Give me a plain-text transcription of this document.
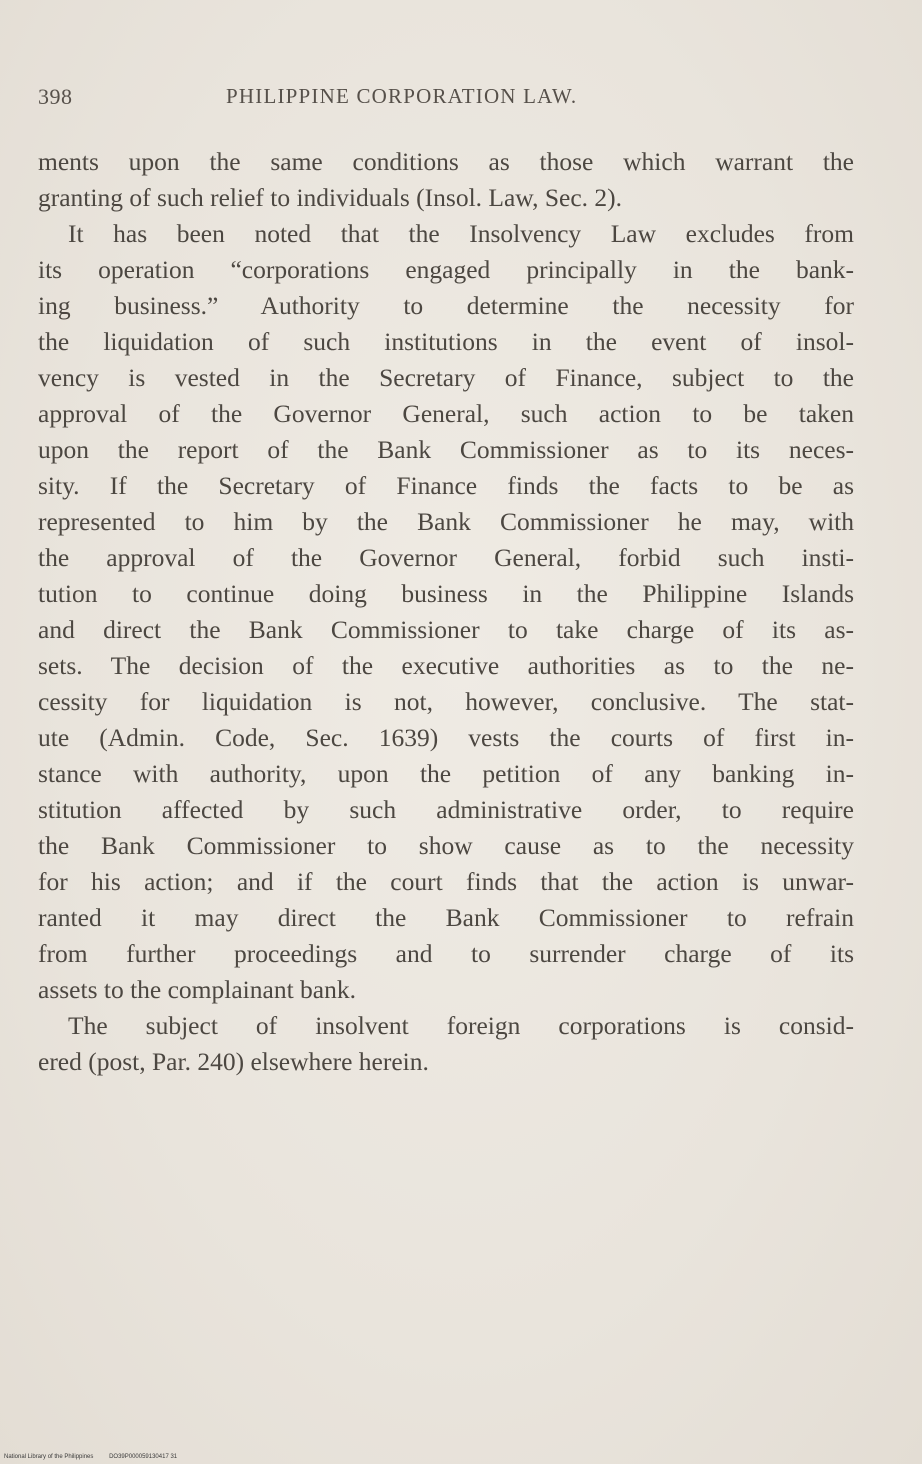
398	PHILIPPINE CORPORATION LAW.
ments upon the same conditions as those which warrant the
granting of such relief to individuals (Insol. Law, Sec. 2).
It has been noted that the Insolvency Law excludes from
its operation “corporations engaged principally in the bank-
ing business.” Authority to determine the necessity for
the liquidation of such institutions in the event of insol-
vency is vested in the Secretary of Finance, subject to the
approval of the Governor General, such action to be taken
upon the report of the Bank Commissioner as to its neces-
sity. If the Secretary of Finance finds the facts to be as
represented to him by the Bank Commissioner he may, with
the approval of the Governor General, forbid such insti-
tution to continue doing business in the Philippine Islands
and direct the Bank Commissioner to take charge of its as-
sets. The decision of the executive authorities as to the ne-
cessity for liquidation is not, however, conclusive. The stat-
ute (Admin. Code, Sec. 1639) vests the courts of first in-
stance with authority, upon the petition of any banking in-
stitution affected by such administrative order, to require
the Bank Commissioner to show cause as to the necessity
for his action; and if the court finds that the action is unwar-
ranted it may direct the Bank Commissioner to refrain
from further proceedings and to surrender charge of its
assets to the complainant bank.
The subject of insolvent foreign corporations is consid-
ered (post, Par. 240) elsewhere herein.
National Library of the Philippines	DO39P000059130417 31
